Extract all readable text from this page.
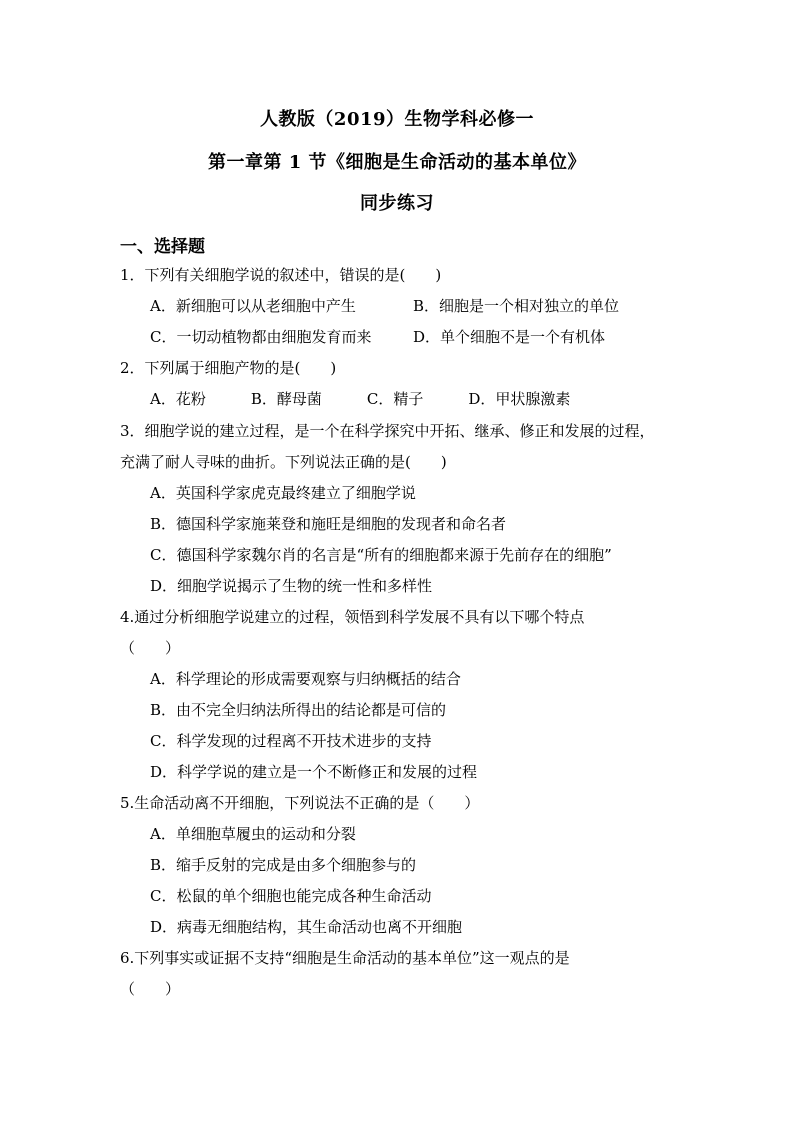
人教版（2019）生物学科必修一
第一章第 1 节《细胞是生命活动的基本单位》
同步练习
一、选择题
1．下列有关细胞学说的叙述中，错误的是(　　)
A．新细胞可以从老细胞中产生	B．细胞是一个相对独立的单位
C．一切动植物都由细胞发育而来	D．单个细胞不是一个有机体
2．下列属于细胞产物的是(　　)
A．花粉　　　B．酵母菌　　　C．精子　　　D．甲状腺激素
3．细胞学说的建立过程，是一个在科学探究中开拓、继承、修正和发展的过程，
充满了耐人寻味的曲折。下列说法正确的是(　　)
A．英国科学家虎克最终建立了细胞学说
B．德国科学家施莱登和施旺是细胞的发现者和命名者
C．德国科学家魏尔肖的名言是“所有的细胞都来源于先前存在的细胞”
D．细胞学说揭示了生物的统一性和多样性
4.通过分析细胞学说建立的过程，领悟到科学发展不具有以下哪个特点
（　　）
A．科学理论的形成需要观察与归纳概括的结合
B．由不完全归纳法所得出的结论都是可信的
C．科学发现的过程离不开技术进步的支持
D．科学学说的建立是一个不断修正和发展的过程
5.生命活动离不开细胞，下列说法不正确的是（　　）
A．单细胞草履虫的运动和分裂
B．缩手反射的完成是由多个细胞参与的
C．松鼠的单个细胞也能完成各种生命活动
D．病毒无细胞结构，其生命活动也离不开细胞
6.下列事实或证据不支持“细胞是生命活动的基本单位”这一观点的是
（　　）
